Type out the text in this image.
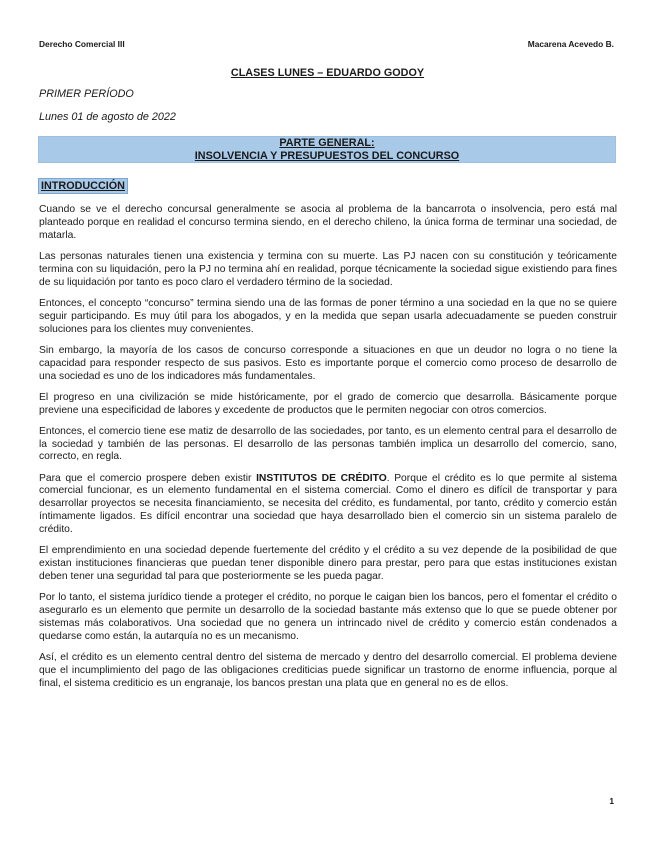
Derecho Comercial III	Macarena Acevedo B.
CLASES LUNES – EDUARDO GODOY
PRIMER PERÍODO
Lunes 01 de agosto de 2022
PARTE GENERAL:
INSOLVENCIA Y PRESUPUESTOS DEL CONCURSO
INTRODUCCIÓN

Cuando se ve el derecho concursal generalmente se asocia al problema de la bancarrota o insolvencia, pero está mal planteado porque en realidad el concurso termina siendo, en el derecho chileno, la única forma de terminar una sociedad, de matarla.

Las personas naturales tienen una existencia y termina con su muerte. Las PJ nacen con su constitución y teóricamente termina con su liquidación, pero la PJ no termina ahí en realidad, porque técnicamente la sociedad sigue existiendo para fines de su liquidación por tanto es poco claro el verdadero término de la sociedad.

Entonces, el concepto “concurso” termina siendo una de las formas de poner término a una sociedad en la que no se quiere seguir participando. Es muy útil para los abogados, y en la medida que sepan usarla adecuadamente se pueden construir soluciones para los clientes muy convenientes.

Sin embargo, la mayoría de los casos de concurso corresponde a situaciones en que un deudor no logra o no tiene la capacidad para responder respecto de sus pasivos. Esto es importante porque el comercio como proceso de desarrollo de una sociedad es uno de los indicadores más fundamentales.

El progreso en una civilización se mide históricamente, por el grado de comercio que desarrolla. Básicamente porque previene una especificidad de labores y excedente de productos que le permiten negociar con otros comercios.

Entonces, el comercio tiene ese matiz de desarrollo de las sociedades, por tanto, es un elemento central para el desarrollo de la sociedad y también de las personas. El desarrollo de las personas también implica un desarrollo del comercio, sano, correcto, en regla.

Para que el comercio prospere deben existir INSTITUTOS DE CRÉDITO. Porque el crédito es lo que permite al sistema comercial funcionar, es un elemento fundamental en el sistema comercial. Como el dinero es difícil de transportar y para desarrollar proyectos se necesita financiamiento, se necesita del crédito, es fundamental, por tanto, crédito y comercio están íntimamente ligados. Es difícil encontrar una sociedad que haya desarrollado bien el comercio sin un sistema paralelo de crédito.

El emprendimiento en una sociedad depende fuertemente del crédito y el crédito a su vez depende de la posibilidad de que existan instituciones financieras que puedan tener disponible dinero para prestar, pero para que estas instituciones existan deben tener una seguridad tal para que posteriormente se les pueda pagar.

Por lo tanto, el sistema jurídico tiende a proteger el crédito, no porque le caigan bien los bancos, pero el fomentar el crédito o asegurarlo es un elemento que permite un desarrollo de la sociedad bastante más extenso que lo que se puede obtener por sistemas más colaborativos. Una sociedad que no genera un intrincado nivel de crédito y comercio están condenados a quedarse como están, la autarquía no es un mecanismo.

Así, el crédito es un elemento central dentro del sistema de mercado y dentro del desarrollo comercial. El problema deviene que el incumplimiento del pago de las obligaciones crediticias puede significar un trastorno de enorme influencia, porque al final, el sistema crediticio es un engranaje, los bancos prestan una plata que en general no es de ellos.

1
